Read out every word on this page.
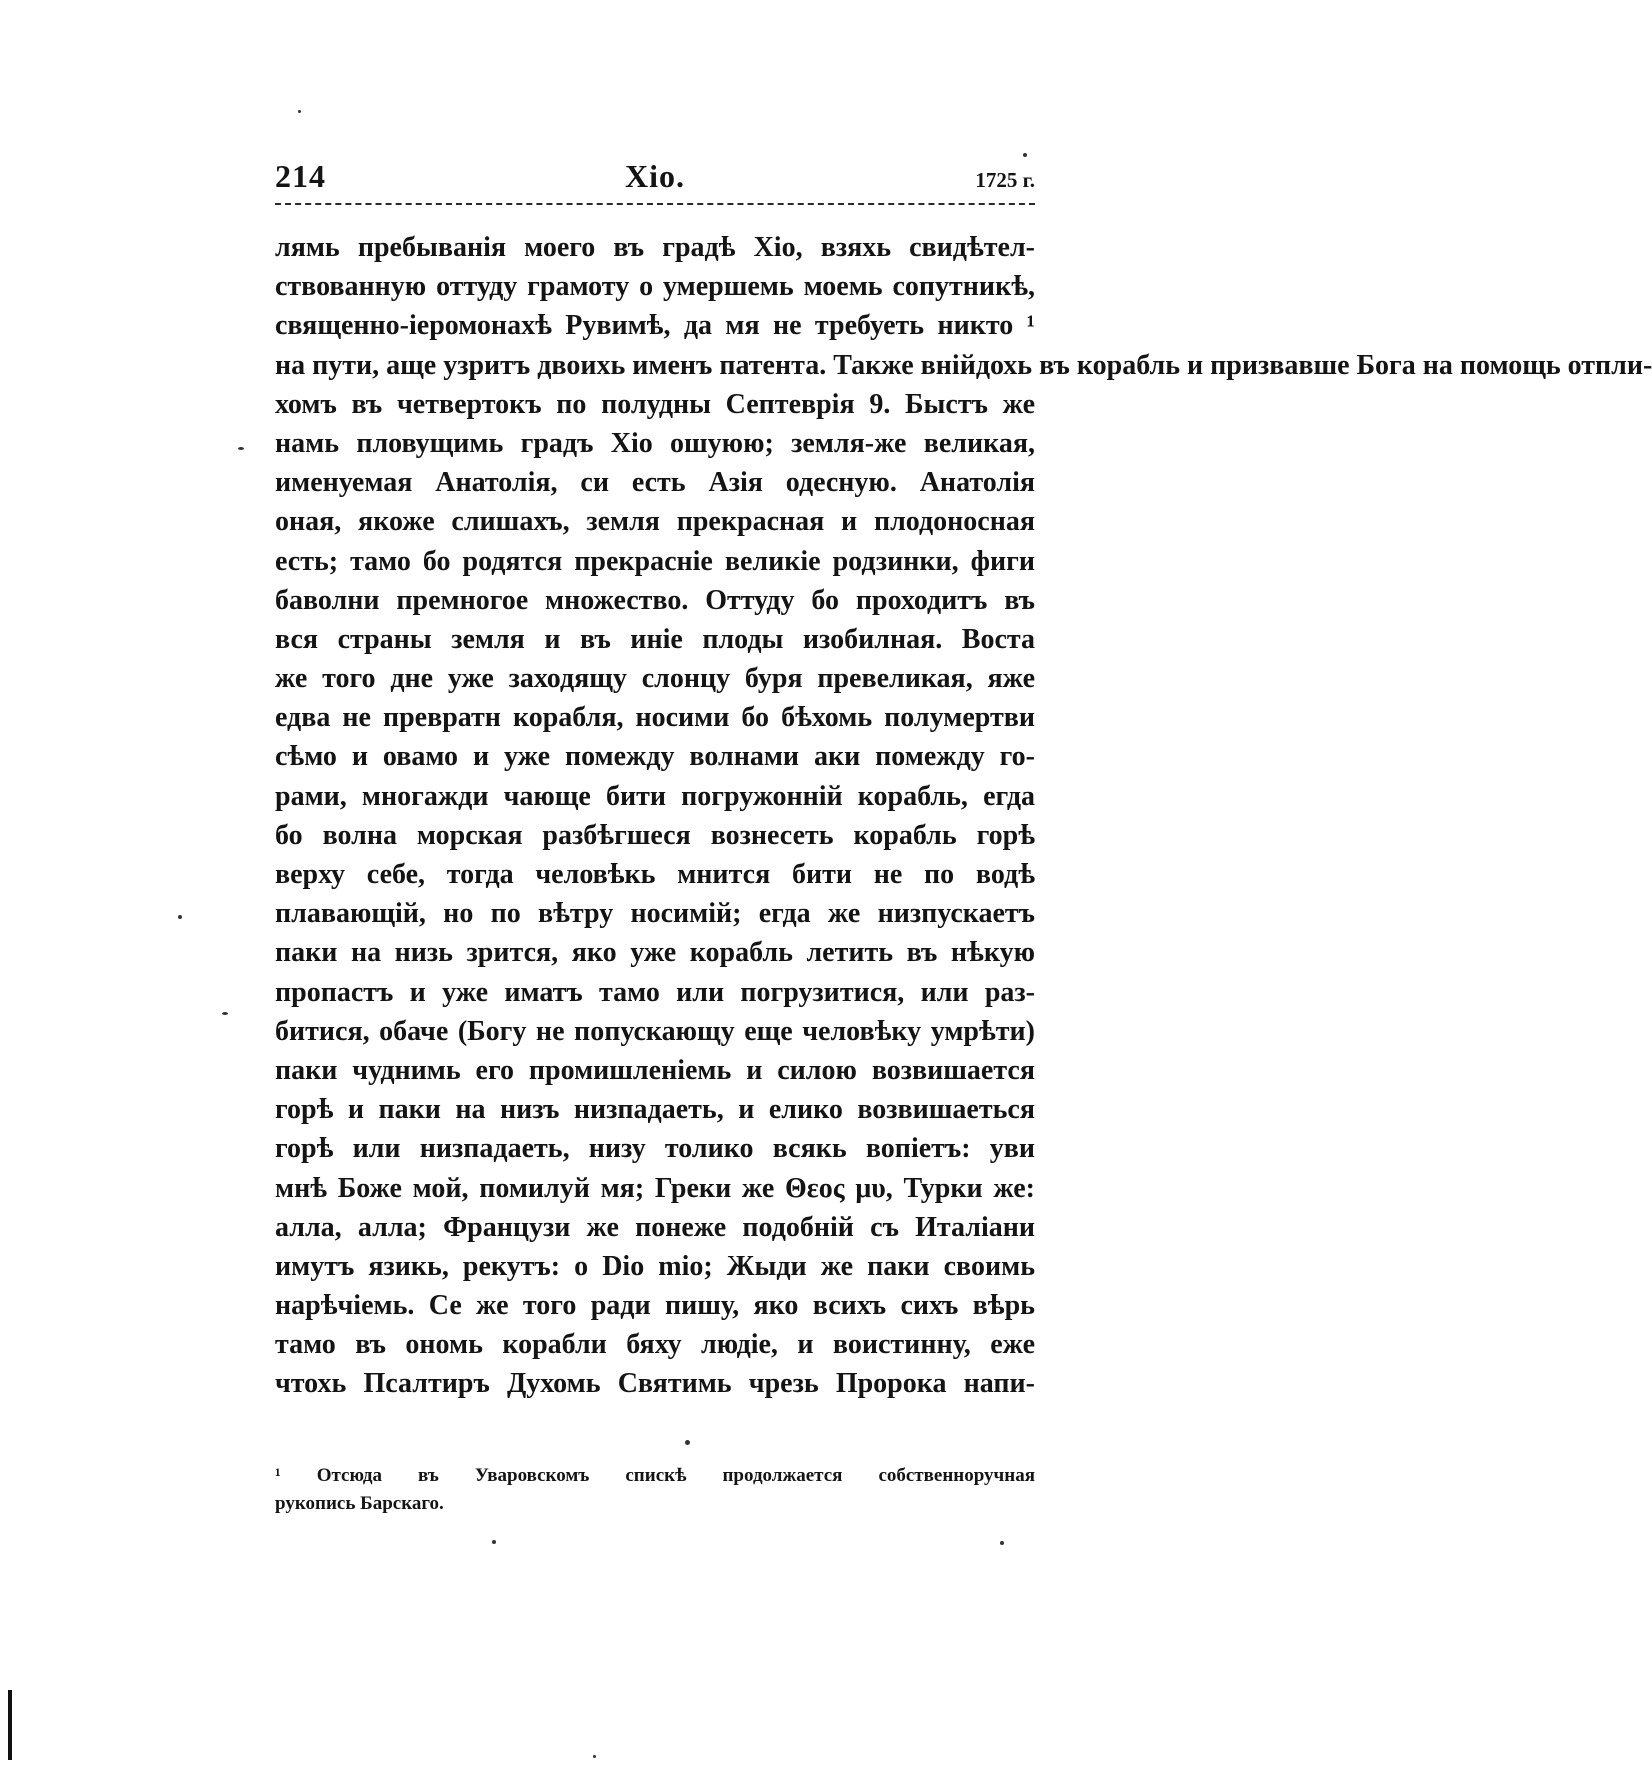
214	Хіо.	1725 г.
лямь пребыванія моего въ градѣ Хіо, взяхь свидѣтел-
ствованную оттуду грамоту о умершемь моемь сопутникѣ,
священно-іеромонахѣ Рувимѣ, да мя не требуеть никто ¹
на пути, аще узритъ двоихь именъ патента. Также внійдохь въ корабль и призвавше Бога на помощь отпли-
хомъ въ четвертокъ по полудны Септеврія 9. Быстъ же
намь пловущимь градъ Хіо ошуюю; земля-же великая,
именуемая Анатолія, си есть Азія одесную. Анатолія
оная, якоже слишахъ, земля прекрасная и плодоносная
есть; тамо бо родятся прекрасніе великіе родзинки, фиги
баволни премногое множество. Оттуду бо проходитъ въ
вся страны земля и въ иніе плоды изобилная. Воста
же того дне уже заходящу слонцу буря превеликая, яже
едва не превратн корабля, носими бо бѣхомь полумертви
сѣмо и овамо и уже помежду волнами аки помежду го-
рами, многажди чающе бити погружонній корабль, егда
бо волна морская разбѣгшеся вознесеть корабль горѣ
верху себе, тогда человѣкь мнится бити не по водѣ
плавающій, но по вѣтру носимій; егда же низпускаетъ
паки на низь зрится, яко уже корабль летить въ нѣкую
пропастъ и уже иматъ тамо или погрузитися, или раз-
битися, обаче (Богу не попускающу еще человѣку умрѣти)
паки чуднимь его промишленіемь и силою возвишается
горѣ и паки на низъ низпадаеть, и елико возвишаеться
горѣ или низпадаеть, низу толико всякь вопіетъ: уви
мнѣ Боже мой, помилуй мя; Греки же Θεος μυ, Турки же:
алла, алла; Французи же понеже подобній съ Италіани
имутъ язикь, рекутъ: о Dio mio; Жыди же паки своимь
нарѣчіемь. Се же того ради пишу, яко всихъ сихъ вѣрь
тамо въ ономь корабли бяху людіе, и воистинну, еже
чтохь Псалтиръ Духомь Святимь чрезь Пророка напи-
¹ Отсюда въ Уваровскомъ спискѣ продолжается собственноручная
рукопись Барскаго.
